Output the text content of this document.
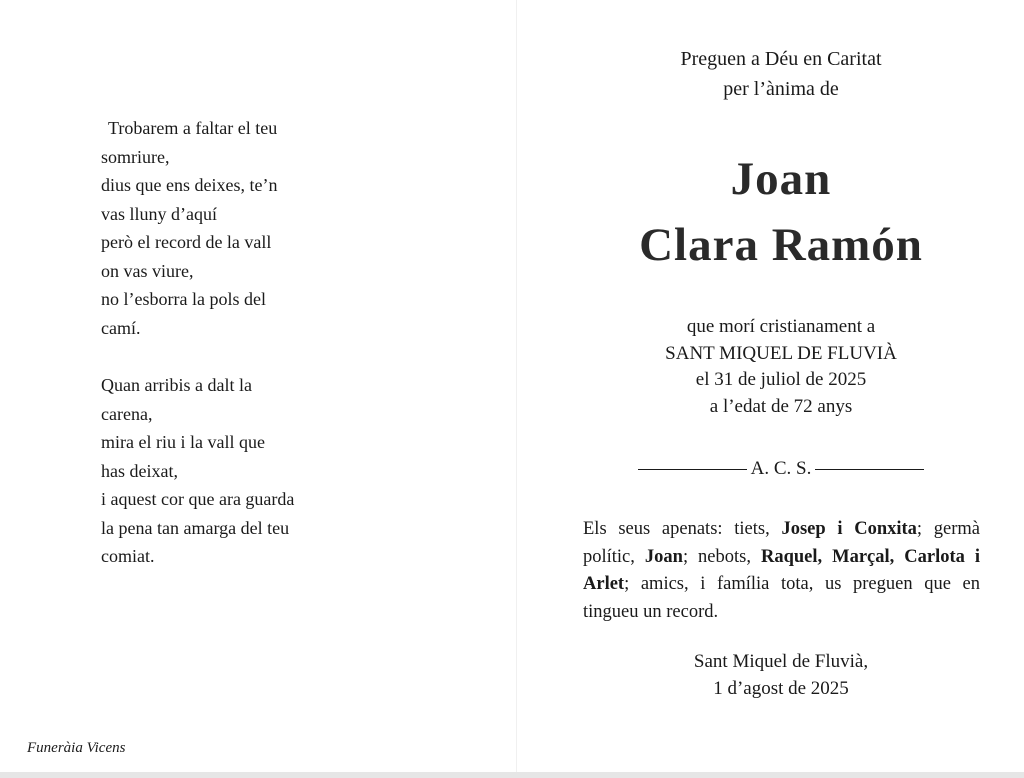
Trobarem a faltar el teu
somriure,
dius que ens deixes, te’n
vas lluny d’aquí
però el record de la vall
on vas viure,
no l’esborra la pols del
camí.
Quan arribis a dalt la
carena,
mira el riu i la vall que
has deixat,
i aquest cor que ara guarda
la pena tan amarga del teu
comiat.
Funeràia Vicens
Preguen a Déu en Caritat
per l’ànima de
Joan
Clara Ramón
que morí cristianament a
SANT MIQUEL DE FLUVIÀ
el 31 de juliol de 2025
a l’edat de 72 anys
A. C. S.
Els seus apenats: tiets, Josep i Conxita; germà polític, Joan; nebots, Raquel, Marçal, Carlota i Arlet; amics, i família tota, us preguen que en tingueu un record.
Sant Miquel de Fluvià,
1 d’agost de 2025
